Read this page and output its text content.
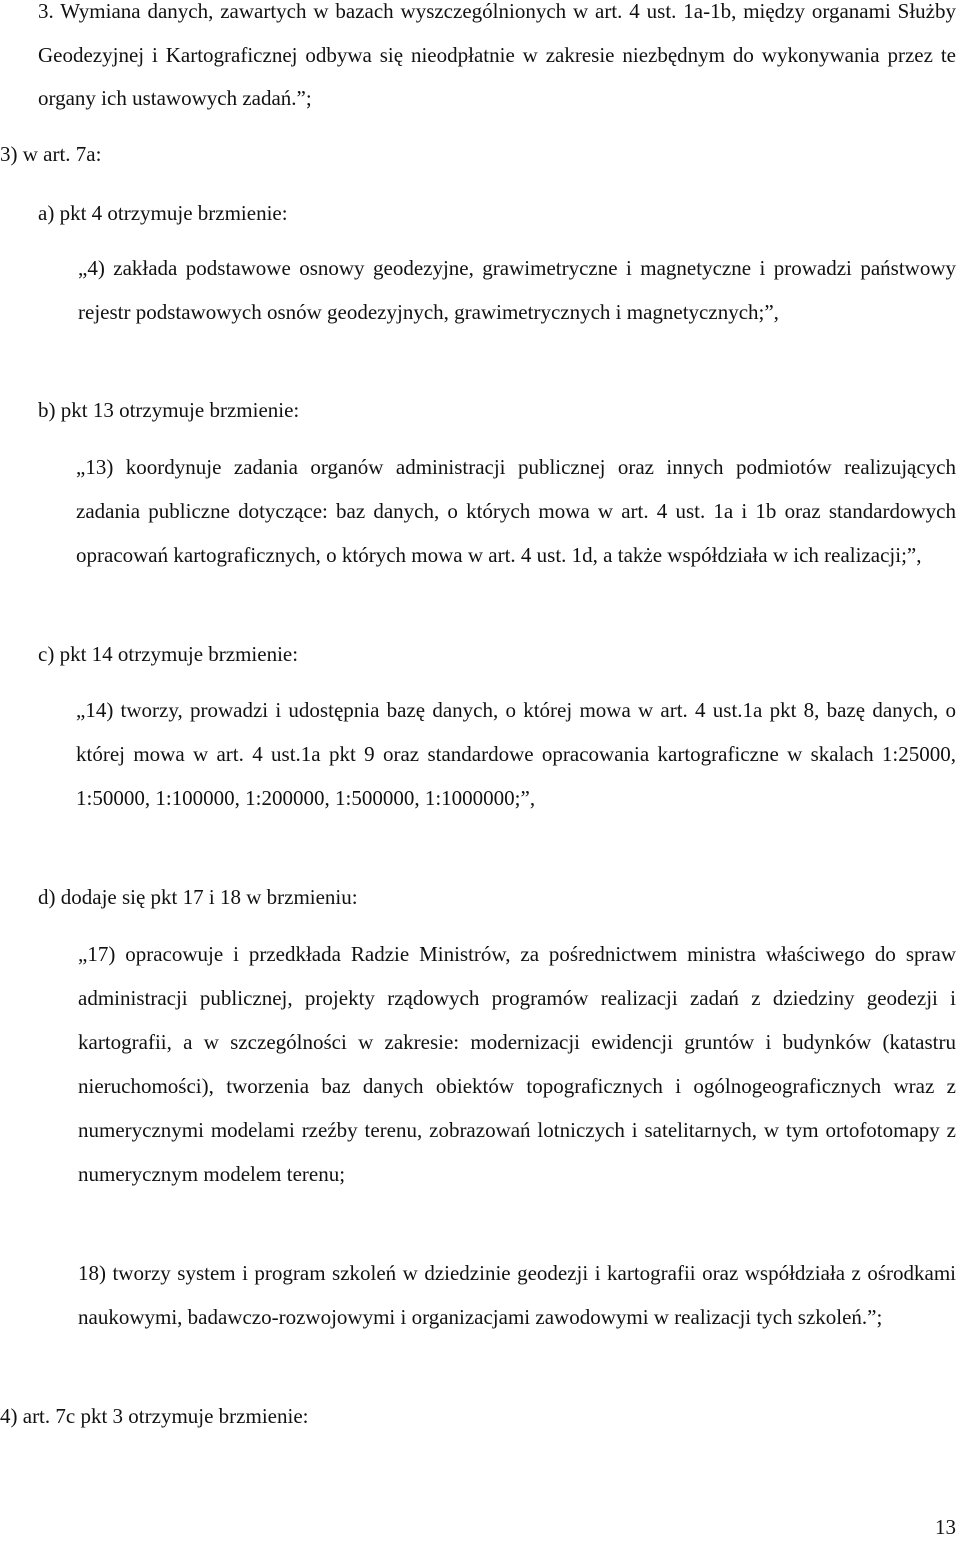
3. Wymiana danych, zawartych w bazach wyszczególnionych w art. 4 ust. 1a-1b, między organami Służby Geodezyjnej i Kartograficznej odbywa się nieodpłatnie w zakresie niezbędnym do wykonywania przez te organy ich ustawowych zadań.”;

3) w art. 7a:

a) pkt 4 otrzymuje brzmienie:

„4) zakłada podstawowe osnowy geodezyjne, grawimetryczne i magnetyczne i prowadzi państwowy rejestr podstawowych osnów geodezyjnych, grawimetrycznych i magnetycznych;”,

b) pkt 13 otrzymuje brzmienie:

„13) koordynuje zadania organów administracji publicznej oraz innych podmiotów realizujących zadania publiczne dotyczące: baz danych, o których mowa w art. 4 ust. 1a i 1b oraz standardowych opracowań kartograficznych, o których mowa w art. 4 ust. 1d, a także współdziała w ich realizacji;”,

c) pkt 14 otrzymuje brzmienie:

„14) tworzy, prowadzi i udostępnia bazę danych, o której mowa w art. 4 ust.1a pkt 8, bazę danych, o której mowa w art. 4 ust.1a pkt 9 oraz standardowe opracowania kartograficzne w skalach 1:25000, 1:50000, 1:100000, 1:200000, 1:500000, 1:1000000;”,

d) dodaje się pkt 17 i 18 w brzmieniu:

„17) opracowuje i przedkłada Radzie Ministrów, za pośrednictwem ministra właściwego do spraw administracji publicznej, projekty rządowych programów realizacji zadań z dziedziny geodezji i kartografii, a w szczególności w zakresie: modernizacji ewidencji gruntów i budynków (katastru nieruchomości), tworzenia baz danych obiektów topograficznych i ogólnogeograficznych wraz z numerycznymi modelami rzeźby terenu, zobrazowań lotniczych i satelitarnych, w tym ortofotomapy z numerycznym modelem terenu;

18) tworzy system i program szkoleń w dziedzinie geodezji i kartografii oraz współdziała z ośrodkami naukowymi, badawczo-rozwojowymi i organizacjami zawodowymi w realizacji tych szkoleń.”;

4) art. 7c pkt 3 otrzymuje brzmienie:

13
